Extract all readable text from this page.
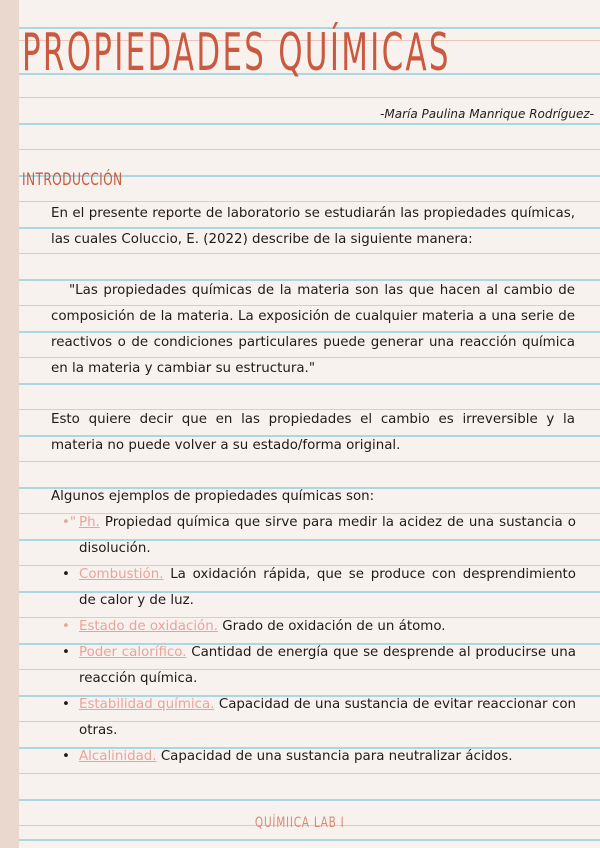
PROPIEDADES QUÍMICAS
-María Paulina Manrique Rodríguez-
INTRODUCCIÓN

En el presente reporte de laboratorio se estudiarán las propiedades químicas, las cuales Coluccio, E. (2022) describe de la siguiente manera:

"Las propiedades químicas de la materia son las que hacen al cambio de composición de la materia. La exposición de cualquier materia a una serie de reactivos o de condiciones particulares puede generar una reacción química en la materia y cambiar su estructura."

Esto quiere decir que en las propiedades el cambio es irreversible y la materia no puede volver a su estado/forma original.

Algunos ejemplos de propiedades químicas son:

•" Ph. Propiedad química que sirve para medir la acidez de una sustancia o disolución.
• Combustión. La oxidación rápida, que se produce con desprendimiento de calor y de luz.
• Estado de oxidación. Grado de oxidación de un átomo.
• Poder calorífico. Cantidad de energía que se desprende al producirse una reacción química.
• Estabilidad química. Capacidad de una sustancia de evitar reaccionar con otras.
• Alcalinidad. Capacidad de una sustancia para neutralizar ácidos.
QUÍMIICA LAB I
